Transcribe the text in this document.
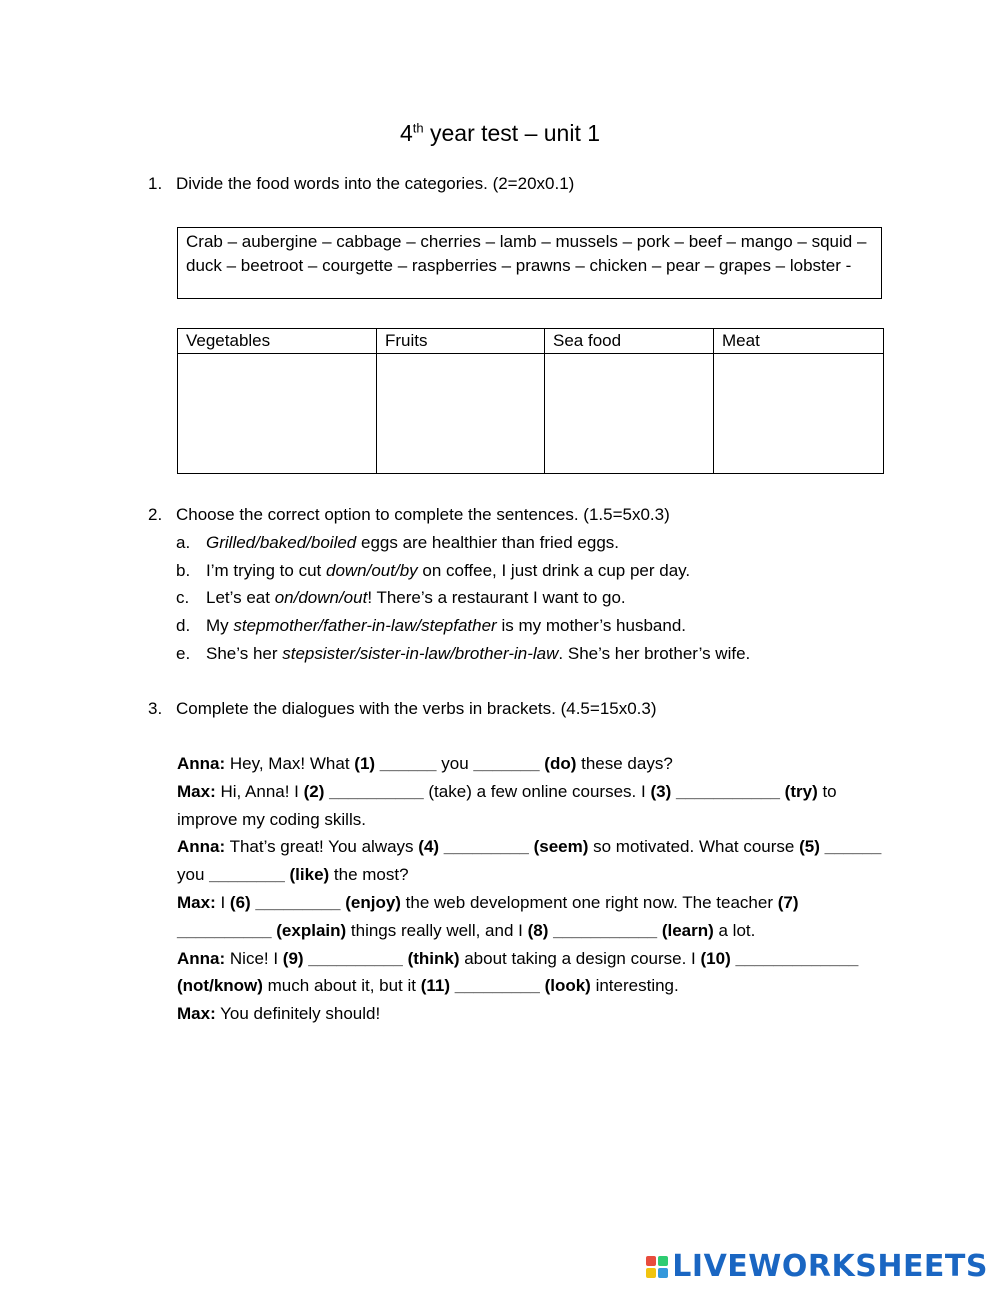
4th year test – unit 1
1. Divide the food words into the categories. (2=20x0.1)
Crab – aubergine – cabbage – cherries – lamb – mussels – pork – beef – mango – squid – duck – beetroot – courgette – raspberries – prawns – chicken – pear – grapes – lobster -
Vegetables	Fruits	Sea food	Meat

2. Choose the correct option to complete the sentences. (1.5=5x0.3)
a. Grilled/baked/boiled eggs are healthier than fried eggs.
b. I’m trying to cut down/out/by on coffee, I just drink a cup per day.
c. Let’s eat on/down/out! There’s a restaurant I want to go.
d. My stepmother/father-in-law/stepfather is my mother’s husband.
e. She’s her stepsister/sister-in-law/brother-in-law. She’s her brother’s wife.
3. Complete the dialogues with the verbs in brackets. (4.5=15x0.3)

Anna: Hey, Max! What (1) ______ you _______ (do) these days?

Max: Hi, Anna! I (2) __________ (take) a few online courses. I (3) ___________ (try) to improve my coding skills.

Anna: That’s great! You always (4) _________ (seem) so motivated. What course (5) ______ you ________ (like) the most?

Max: I (6) _________ (enjoy) the web development one right now. The teacher (7) __________ (explain) things really well, and I (8) ___________ (learn) a lot.

Anna: Nice! I (9) __________ (think) about taking a design course. I (10) _____________ (not/know) much about it, but it (11) _________ (look) interesting.

Max: You definitely should!

LIVEWORKSHEETS
